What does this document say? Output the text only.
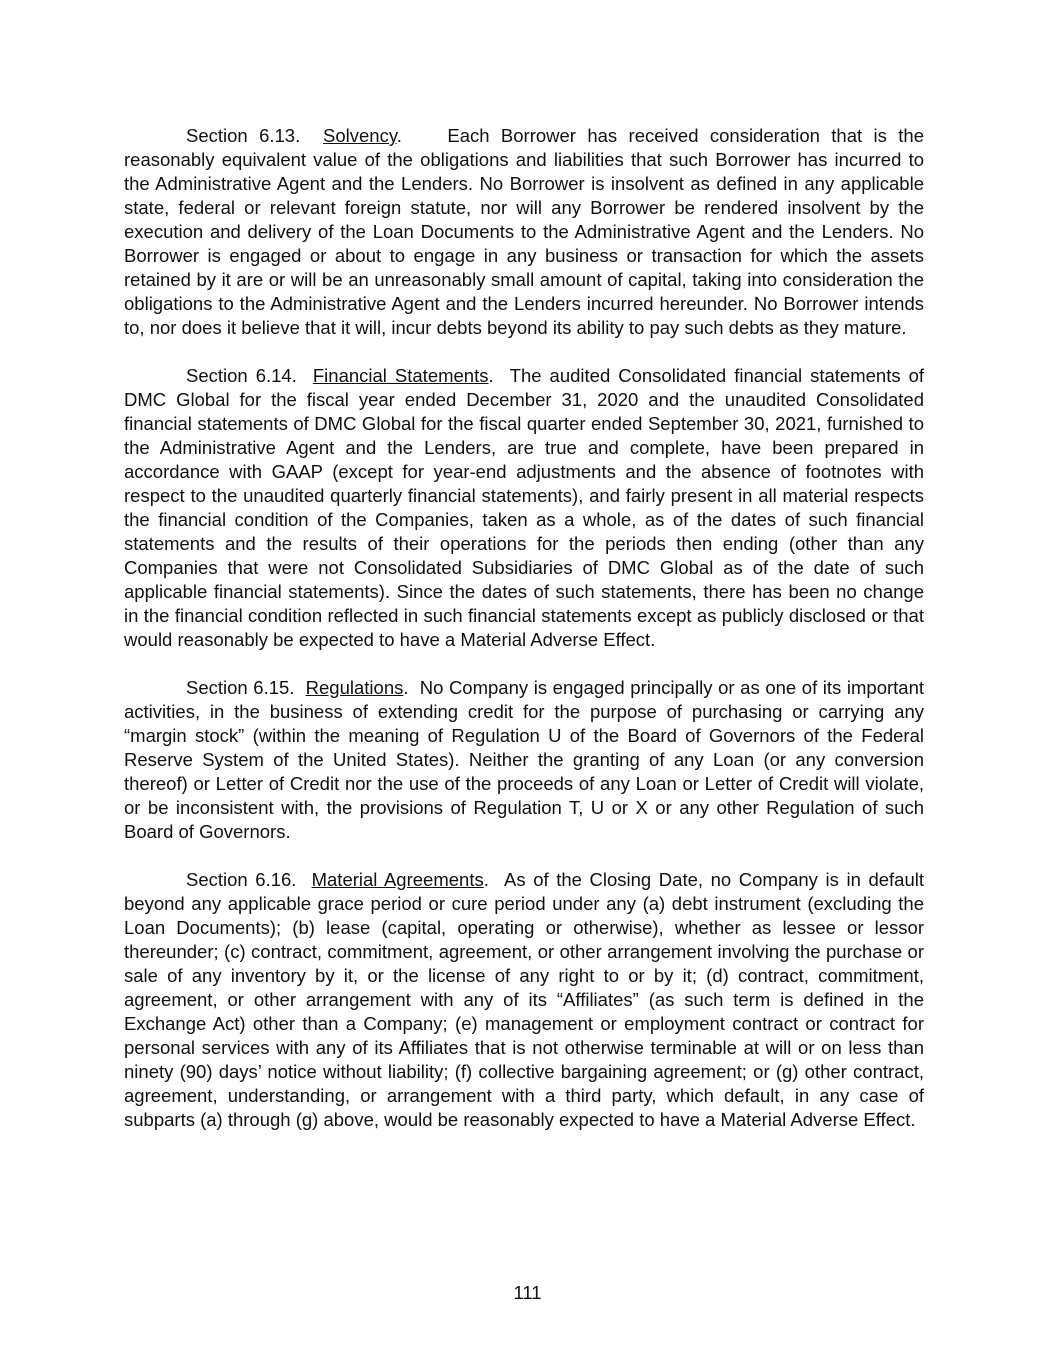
Section 6.13. Solvency. Each Borrower has received consideration that is the reasonably equivalent value of the obligations and liabilities that such Borrower has incurred to the Administrative Agent and the Lenders. No Borrower is insolvent as defined in any applicable state, federal or relevant foreign statute, nor will any Borrower be rendered insolvent by the execution and delivery of the Loan Documents to the Administrative Agent and the Lenders. No Borrower is engaged or about to engage in any business or transaction for which the assets retained by it are or will be an unreasonably small amount of capital, taking into consideration the obligations to the Administrative Agent and the Lenders incurred hereunder. No Borrower intends to, nor does it believe that it will, incur debts beyond its ability to pay such debts as they mature.

Section 6.14. Financial Statements. The audited Consolidated financial statements of DMC Global for the fiscal year ended December 31, 2020 and the unaudited Consolidated financial statements of DMC Global for the fiscal quarter ended September 30, 2021, furnished to the Administrative Agent and the Lenders, are true and complete, have been prepared in accordance with GAAP (except for year-end adjustments and the absence of footnotes with respect to the unaudited quarterly financial statements), and fairly present in all material respects the financial condition of the Companies, taken as a whole, as of the dates of such financial statements and the results of their operations for the periods then ending (other than any Companies that were not Consolidated Subsidiaries of DMC Global as of the date of such applicable financial statements). Since the dates of such statements, there has been no change in the financial condition reflected in such financial statements except as publicly disclosed or that would reasonably be expected to have a Material Adverse Effect.

Section 6.15. Regulations. No Company is engaged principally or as one of its important activities, in the business of extending credit for the purpose of purchasing or carrying any “margin stock” (within the meaning of Regulation U of the Board of Governors of the Federal Reserve System of the United States). Neither the granting of any Loan (or any conversion thereof) or Letter of Credit nor the use of the proceeds of any Loan or Letter of Credit will violate, or be inconsistent with, the provisions of Regulation T, U or X or any other Regulation of such Board of Governors.

Section 6.16. Material Agreements. As of the Closing Date, no Company is in default beyond any applicable grace period or cure period under any (a) debt instrument (excluding the Loan Documents); (b) lease (capital, operating or otherwise), whether as lessee or lessor thereunder; (c) contract, commitment, agreement, or other arrangement involving the purchase or sale of any inventory by it, or the license of any right to or by it; (d) contract, commitment, agreement, or other arrangement with any of its “Affiliates” (as such term is defined in the Exchange Act) other than a Company; (e) management or employment contract or contract for personal services with any of its Affiliates that is not otherwise terminable at will or on less than ninety (90) days’ notice without liability; (f) collective bargaining agreement; or (g) other contract, agreement, understanding, or arrangement with a third party, which default, in any case of subparts (a) through (g) above, would be reasonably expected to have a Material Adverse Effect.

111
